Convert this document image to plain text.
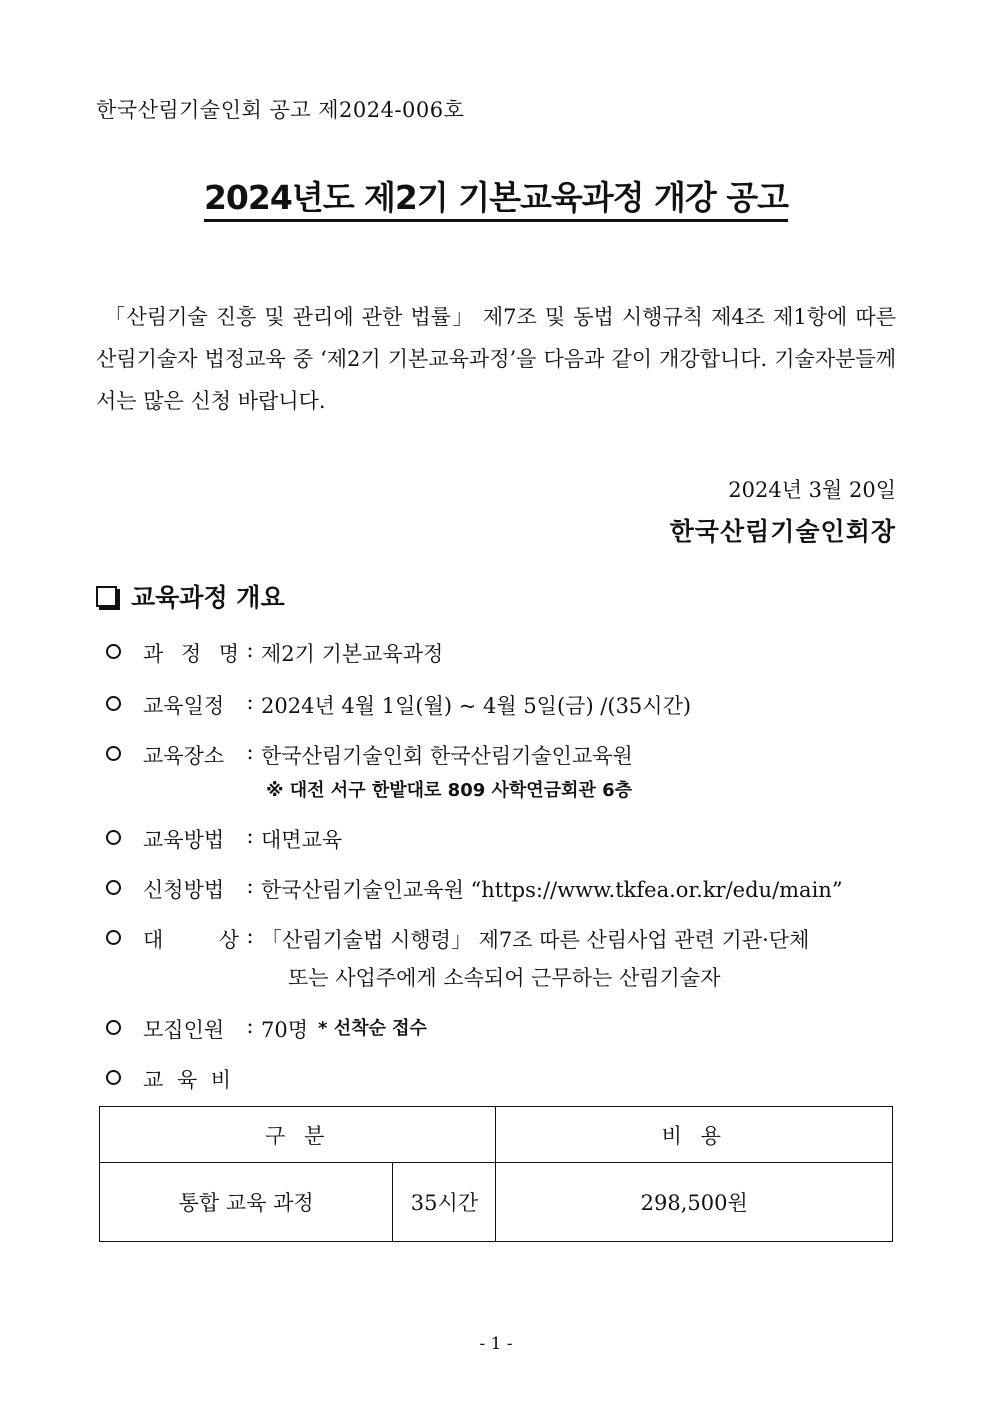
한국산림기술인회 공고 제2024-006호
2024년도 제2기 기본교육과정 개강 공고
「산림기술 진흥 및 관리에 관한 법률」 제7조 및 동법 시행규칙 제4조 제1항에 따른 산림기술자 법정교육 중 ‘제2기 기본교육과정’을 다음과 같이 개강합니다. 기술자분들께서는 많은 신청 바랍니다.
2024년 3월 20일
한국산림기술인회장
교육과정 개요
과 정 명 : 제2기 기본교육과정
교육일정	: 2024년 4월 1일(월) ~ 4월 5일(금) /(35시간)
교육장소	: 한국산림기술인회 한국산림기술인교육원
※ 대전 서구 한밭대로 809 사학연금회관 6층
교육방법	: 대면교육
신청방법	: 한국산림기술인교육원 “https://www.tkfea.or.kr/edu/main”
대 상 : 「산림기술법 시행령」 제7조 따른 산림사업 관련 기관·단체
또는 사업주에게 소속되어 근무하는 산림기술자
모집인원	: 70명 * 선착순 접수
교 육 비
구 분		비 용
통합 교육 과정	35시간	298,500원
- 1 -
